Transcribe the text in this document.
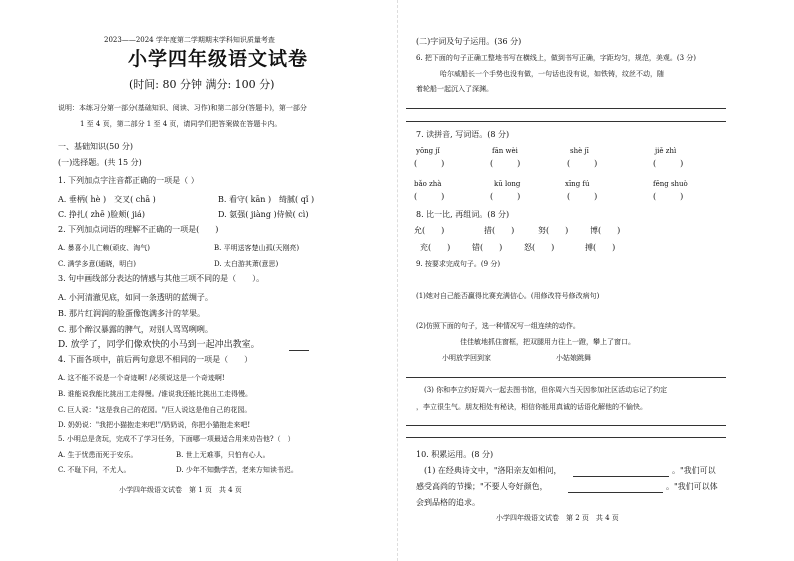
2023——2024 学年度第二学期期末学科知识质量考查
小学四年级语文试卷
(时间: 80 分钟 满分: 100 分)
说明：本练习分第一部分(基础知识、阅读、习作)和第二部分(答题卡)，第一部分
1 至 4 页，第二部分 1 至 4 页，请同学们把答案做在答题卡内。
一、基础知识(50 分)
(一)选择题。(共 15 分)
1. 下列加点字注音都正确的一项是（ ）
A. 垂柄( hè )　交叉( chā )	B. 看守( kān )　绮腻( qǐ )
C. 挣扎( zhē )脸颊( jiá)	D. 氨强( jiàng )侍候( cì)
2. 下列加点词语的理解不正确的一项是(　　)
A. 暴喜小儿亡赖(顽皮、淘气)	B. 平明送客楚山孤(天刚亮)
C. 满学多意(通晓，明白)	D. 太白游其萧(意思)
3. 句中画线部分表达的情感与其他三项不同的是（　　）。
A. 小河清澈见底，如同一条透明的蓝绸子。
B. 那片红润润的脸蛋像饱满多汁的苹果。
C. 那个醉汉暴露的脾气，对别人骂骂咧咧。
D. 放学了，同学们像欢快的小马到一起冲出教室。
4. 下面各项中，前后两句意思不相同的一项是（　　）
A. 这不能不说是一个奇迹啊! /必须说这是一个奇迹啊!
B. 谁能说我能比挑出工走得慢。/谁说我还能比挑出工走得慢。
C. 巨人说："这是我自己的花园。"/巨人说这是他自己的花园。
D. 奶奶说："我把小猫抱走来吧!"/奶奶说，你把小猫抱走来吧!
5. 小明总是贪玩，完成不了学习任务，下面哪一项最适合用来劝告他?（　）
A. 生于忧患而死于安乐。	B. 世上无难事，只怕有心人。
C. 不耻下问，不尤人。	D. 少年不知勤学苦，老来方知读书迟。
小学四年级语文试卷　第 1 页　共 4 页
(二)字词及句子运用。(36 分)
6. 把下面的句子正确工整地书写在横线上，做到书写正确，字距均匀，规范，美观。(3 分)
哈尔威船长一个手势也没有做，一句话也没有说，如铁铸，纹丝不动，随
着轮船一起沉入了深渊。
7. 读拼音, 写词语。(8 分)
yōng jǐ	fān wèi	shè jī	jiě zhì
(　　　)	(　　　)	(　　　)	(　　　)
bǎo zhà	kū long	xīng fú	fēng shuò
(　　　)	(　　　)	(　　　)	(　　　)
8. 比一比, 再组词。(8 分)
允(　　)	措(　　)	努(　　)	博(　　)
充(　　)	错(　　)	怒(　　)	搏(　　)
9. 按要求完成句子。(9 分)
(1)她对自己能否赢得比赛充满信心。(用修改符号修改病句)
(2)仿照下面的句子，选一种情况写一组连续的动作。
佳佳敏地抓住窗框，把双腿用力往上一蹬，攀上了窗口。
小明放学回到家	小姑娘跳舞
(3) 你和李立约好周六一起去图书馆，但你周六当天因参加社区活动忘记了约定
，李立很生气。朋友相处有秘诀，相信你能用真诚的话语化解他的不愉快。
10. 积累运用。(8 分)
(1) 在经典诗文中，"洛阳亲友如相问，	。"我们可以
感受高尚的节操；"不要人夸好颜色，	。"我们可以体
会到品格的追求。
小学四年级语文试卷　第 2 页　共 4 页
